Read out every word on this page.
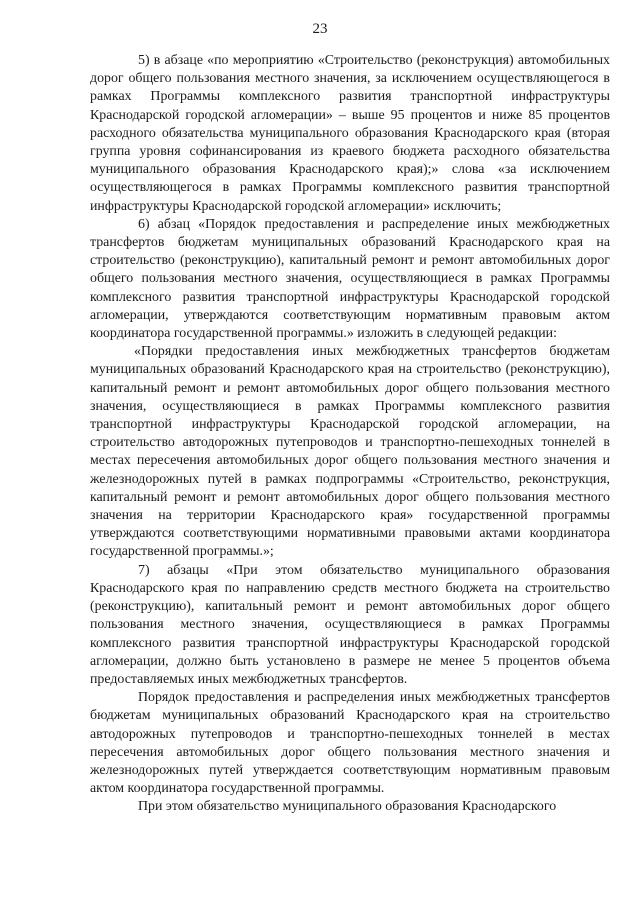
23

5) в абзаце «по мероприятию «Строительство (реконструкция) автомобильных дорог общего пользования местного значения, за исключением осуществляющегося в рамках Программы комплексного развития транспортной инфраструктуры Краснодарской городской агломерации» – выше 95 процентов и ниже 85 процентов расходного обязательства муниципального образования Краснодарского края (вторая группа уровня софинансирования из краевого бюджета расходного обязательства муниципального образования Краснодарского края);» слова «за исключением осуществляющегося в рамках Программы комплексного развития транспортной инфраструктуры Краснодарской городской агломерации» исключить;

6) абзац «Порядок предоставления и распределение иных межбюджетных трансфертов бюджетам муниципальных образований Краснодарского края на строительство (реконструкцию), капитальный ремонт и ремонт автомобильных дорог общего пользования местного значения, осуществляющиеся в рамках Программы комплексного развития транспортной инфраструктуры Краснодарской городской агломерации, утверждаются соответствующим нормативным правовым актом координатора государственной программы.» изложить в следующей редакции:

«Порядки предоставления иных межбюджетных трансфертов бюджетам муниципальных образований Краснодарского края на строительство (реконструкцию), капитальный ремонт и ремонт автомобильных дорог общего пользования местного значения, осуществляющиеся в рамках Программы комплексного развития транспортной инфраструктуры Краснодарской городской агломерации, на строительство автодорожных путепроводов и транспортно-пешеходных тоннелей в местах пересечения автомобильных дорог общего пользования местного значения и железнодорожных путей в рамках подпрограммы «Строительство, реконструкция, капитальный ремонт и ремонт автомобильных дорог общего пользования местного значения на территории Краснодарского края» государственной программы утверждаются соответствующими нормативными правовыми актами координатора государственной программы.»;

7) абзацы «При этом обязательство муниципального образования Краснодарского края по направлению средств местного бюджета на строительство (реконструкцию), капитальный ремонт и ремонт автомобильных дорог общего пользования местного значения, осуществляющиеся в рамках Программы комплексного развития транспортной инфраструктуры Краснодарской городской агломерации, должно быть установлено в размере не менее 5 процентов объема предоставляемых иных межбюджетных трансфертов.

Порядок предоставления и распределения иных межбюджетных трансфертов бюджетам муниципальных образований Краснодарского края на строительство автодорожных путепроводов и транспортно-пешеходных тоннелей в местах пересечения автомобильных дорог общего пользования местного значения и железнодорожных путей утверждается соответствующим нормативным правовым актом координатора государственной программы.

При этом обязательство муниципального образования Краснодарского
